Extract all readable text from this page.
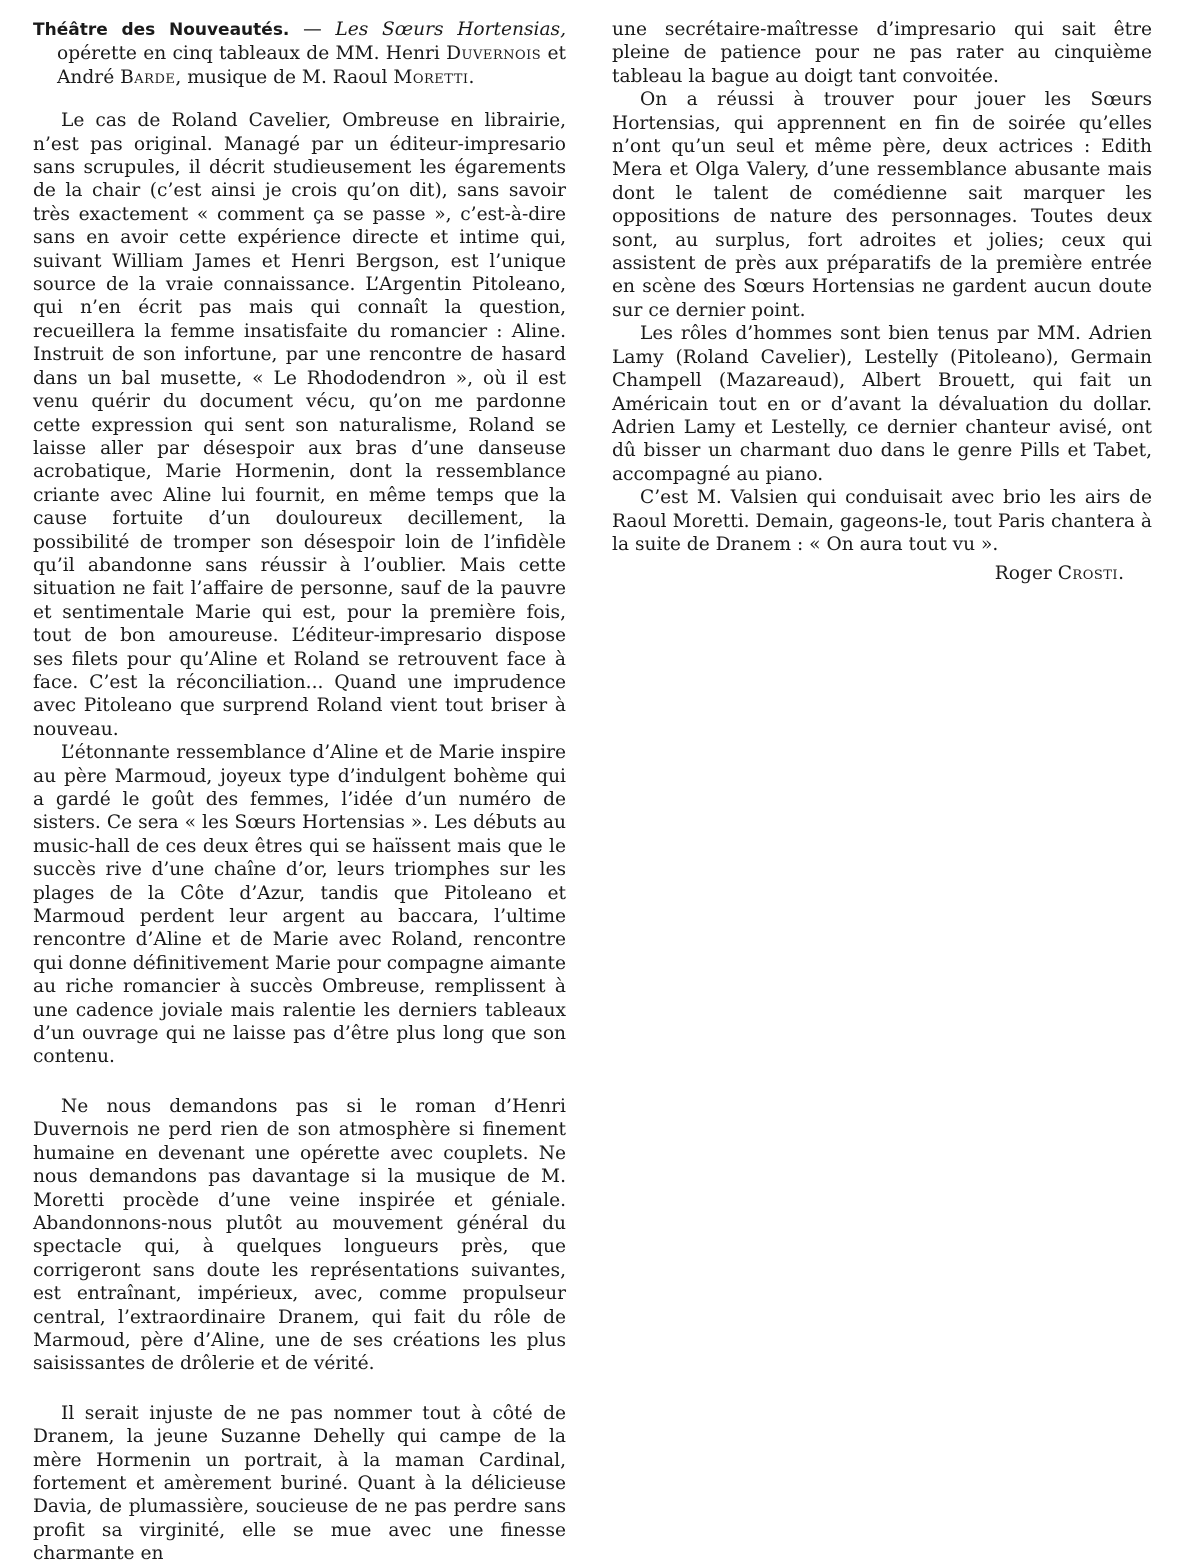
Théâtre des Nouveautés. — Les Sœurs Hortensias, opérette en cinq tableaux de MM. Henri Duvernois et André Barde, musique de M. Raoul Moretti.

Le cas de Roland Cavelier, Ombreuse en librairie, n’est pas original. Managé par un éditeur-impresario sans scrupules, il décrit studieusement les égarements de la chair (c’est ainsi je crois qu’on dit), sans savoir très exactement « comment ça se passe », c’est-à-dire sans en avoir cette expérience directe et intime qui, suivant William James et Henri Bergson, est l’unique source de la vraie connaissance. L’Argentin Pitoleano, qui n’en écrit pas mais qui connaît la question, recueillera la femme insatisfaite du romancier : Aline. Instruit de son infortune, par une rencontre de hasard dans un bal musette, « Le Rhododendron », où il est venu quérir du document vécu, qu’on me pardonne cette expression qui sent son naturalisme, Roland se laisse aller par désespoir aux bras d’une danseuse acrobatique, Marie Hormenin, dont la ressemblance criante avec Aline lui fournit, en même temps que la cause fortuite d’un douloureux decillement, la possibilité de tromper son désespoir loin de l’infidèle qu’il abandonne sans réussir à l’oublier. Mais cette situation ne fait l’affaire de personne, sauf de la pauvre et sentimentale Marie qui est, pour la première fois, tout de bon amoureuse. L’éditeur-impresario dispose ses filets pour qu’Aline et Roland se retrouvent face à face. C’est la réconciliation... Quand une imprudence avec Pitoleano que surprend Roland vient tout briser à nouveau.

L’étonnante ressemblance d’Aline et de Marie inspire au père Marmoud, joyeux type d’indulgent bohème qui a gardé le goût des femmes, l’idée d’un numéro de sisters. Ce sera « les Sœurs Hortensias ». Les débuts au music-hall de ces deux êtres qui se haïssent mais que le succès rive d’une chaîne d’or, leurs triomphes sur les plages de la Côte d’Azur, tandis que Pitoleano et Marmoud perdent leur argent au baccara, l’ultime rencontre d’Aline et de Marie avec Roland, rencontre qui donne définitivement Marie pour compagne aimante au riche romancier à succès Ombreuse, remplissent à une cadence joviale mais ralentie les derniers tableaux d’un ouvrage qui ne laisse pas d’être plus long que son contenu.

Ne nous demandons pas si le roman d’Henri Duvernois ne perd rien de son atmosphère si finement humaine en devenant une opérette avec couplets. Ne nous demandons pas davantage si la musique de M. Moretti procède d’une veine inspirée et géniale. Abandonnons-nous plutôt au mouvement général du spectacle qui, à quelques longueurs près, que corrigeront sans doute les représentations suivantes, est entraînant, impérieux, avec, comme propulseur central, l’extraordinaire Dranem, qui fait du rôle de Marmoud, père d’Aline, une de ses créations les plus saisissantes de drôlerie et de vérité.

Il serait injuste de ne pas nommer tout à côté de Dranem, la jeune Suzanne Dehelly qui campe de la mère Hormenin un portrait, à la maman Cardinal, fortement et amèrement buriné. Quant à la délicieuse Davia, de plumassière, soucieuse de ne pas perdre sans profit sa virginité, elle se mue avec une finesse charmante en

une secrétaire-maîtresse d’impresario qui sait être pleine de patience pour ne pas rater au cinquième tableau la bague au doigt tant convoitée.

On a réussi à trouver pour jouer les Sœurs Hortensias, qui apprennent en fin de soirée qu’elles n’ont qu’un seul et même père, deux actrices : Edith Mera et Olga Valery, d’une ressemblance abusante mais dont le talent de comédienne sait marquer les oppositions de nature des personnages. Toutes deux sont, au surplus, fort adroites et jolies; ceux qui assistent de près aux préparatifs de la première entrée en scène des Sœurs Hortensias ne gardent aucun doute sur ce dernier point.

Les rôles d’hommes sont bien tenus par MM. Adrien Lamy (Roland Cavelier), Lestelly (Pitoleano), Germain Champell (Mazareaud), Albert Brouett, qui fait un Américain tout en or d’avant la dévaluation du dollar. Adrien Lamy et Lestelly, ce dernier chanteur avisé, ont dû bisser un charmant duo dans le genre Pills et Tabet, accompagné au piano.

C’est M. Valsien qui conduisait avec brio les airs de Raoul Moretti. Demain, gageons-le, tout Paris chantera à la suite de Dranem : « On aura tout vu ».

Roger Crosti.
